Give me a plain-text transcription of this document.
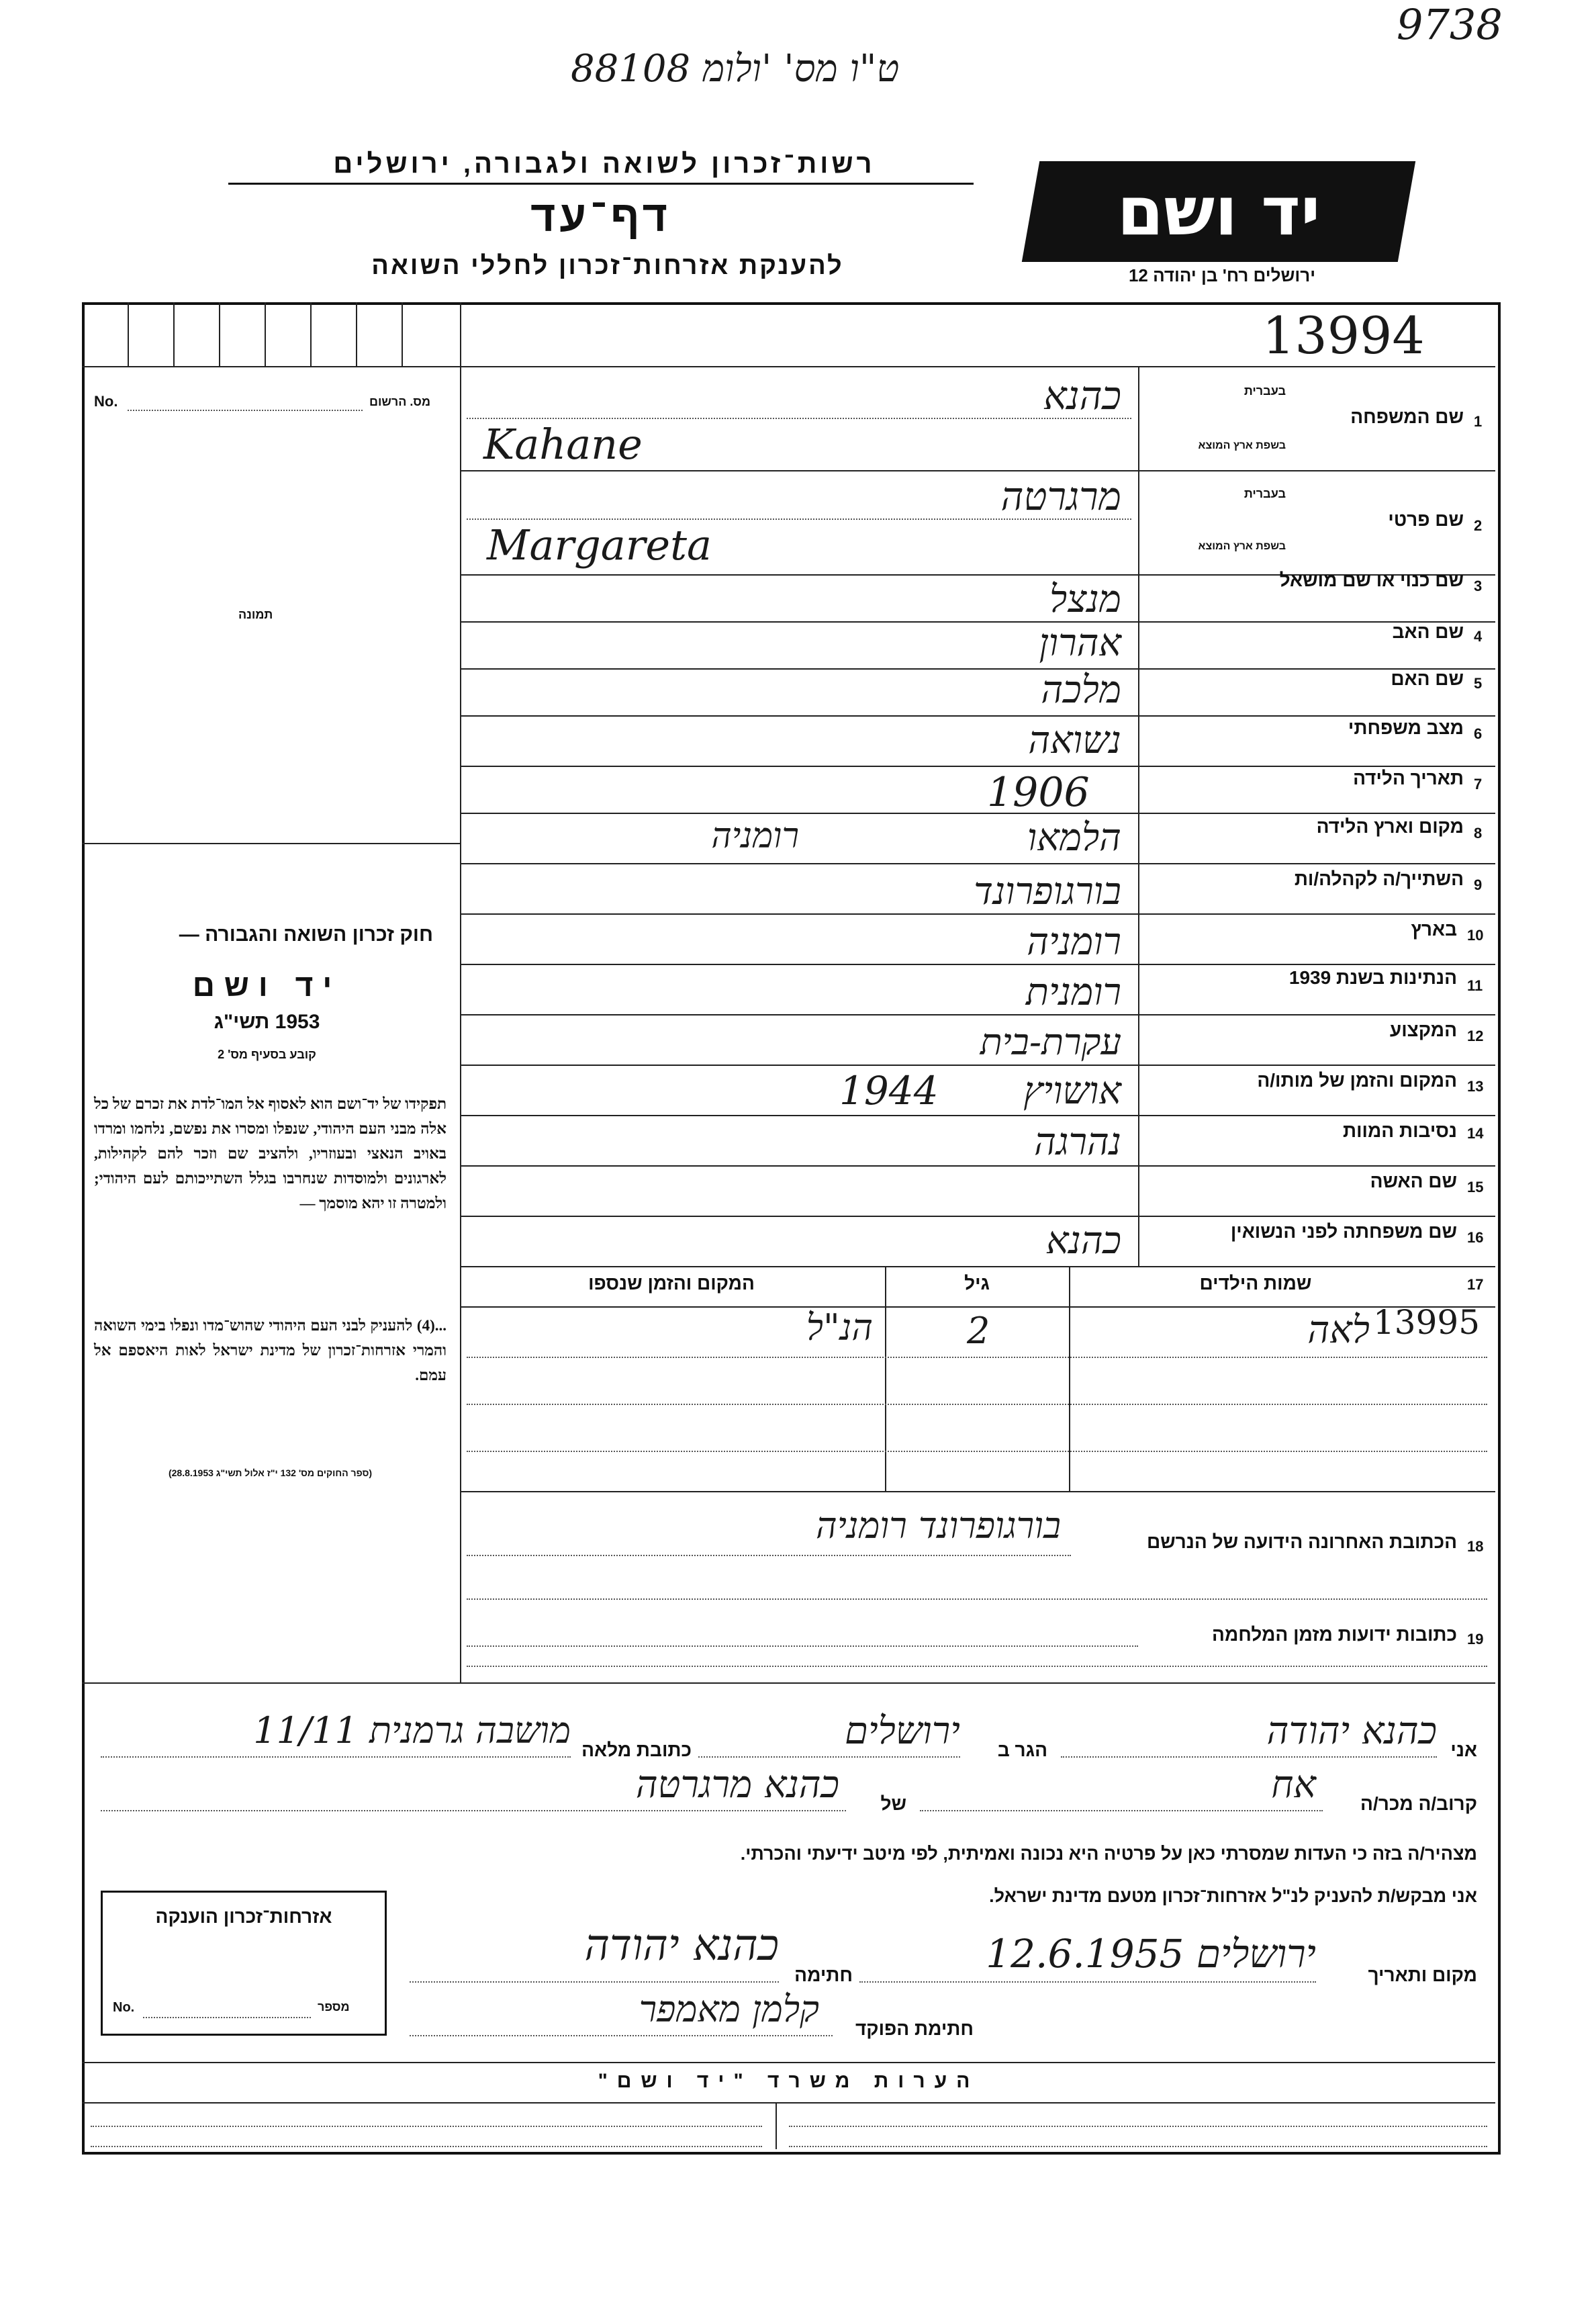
9738
88108 ט"ו מס' 'ולומ
רשות־זכרון לשואה ולגבורה, ירושלים
דף־עד
להענקת אזרחות־זכרון לחללי השואה
יד ושם
ירושלים רח' בן יהודה 12
13994
No.	מס. הרשום
תמונה
חוק זכרון השואה והגבורה —
יד ושם
1953 תשי"ג
קובע בסעיף מס' 2
תפקידו של יד־ושם הוא לאסוף אל המו־לדת את זכרם של כל אלה מבני העם היהודי, שנפלו ומסרו את נפשם, נלחמו ומרדו באויב הנאצי ובעוזריו, ולהציב שם וזכר להם לקהילות, לארגונים ולמוסדות שנחרבו בגלל השתייכותם לעם היהודי; ולמטרה זו יהא מוסמך —
...(4) להעניק לבני העם היהודי שהוש־מדו ונפלו בימי השואה והמרי אזרחות־זכרון של מדינת ישראל לאות היאספם אל עמם.
(ספר החוקים מס' 132 י"ז אלול תשי"ג 28.8.1953)
1
שם המשפחה
בעברית
בשפת ארץ המוצא
כהנא
Kahane
2
שם פרטי
בעברית
בשפת ארץ המוצא
מרגרטה
Margareta
3
שם כנוי או שם מושאל
מנצל
4
שם האב
אהרון
5
שם האם
מלכה
6
מצב משפחתי
נשואה
7
תאריך הלידה
1906
8
מקום וארץ הלידה
הלמאו
רומניה
9
השתייך/ה לקהלה/ות
בורגופרונד
10
בארץ
רומניה
11
הנתינות בשנת 1939
רומנית
12
המקצוע
עקרת-בית
13
המקום והזמן של מותו/ה
אושויץ
1944
14
נסיבות המוות
נהרגה
15
שם האשה
16
שם משפחתה לפני הנשואין
כהנא
17
שמות הילדים
גיל
המקום והזמן שנספו
לאה 13995
2
הנ"ל
18
הכתובת האחרונה הידועה של הנרשם
בורגופרונד רומניה
19
כתובות ידועות מזמן המלחמה
אני
כהנא יהודה
הגר ב
ירושלים
כתובת מלאה
מושבה גרמנית 11/11
קרוב/ה מכר/ה
אח
של
כהנא מרגרטה
מצהיר/ה בזה כי העדות שמסרתי כאן על פרטיה היא נכונה ואמיתית, לפי מיטב ידיעתי והכרתי.
אני מבקש/ת להעניק לנ"ל אזרחות־זכרון מטעם מדינת ישראל.
מקום ותאריך
ירושלים 12.6.1955
חתימה
כהנא יהודה
חתימת הפוקד
קלמן מאמפר
אזרחות־זכרון הוענקה
No.	מספר
הערות משרד "יד ושם"
